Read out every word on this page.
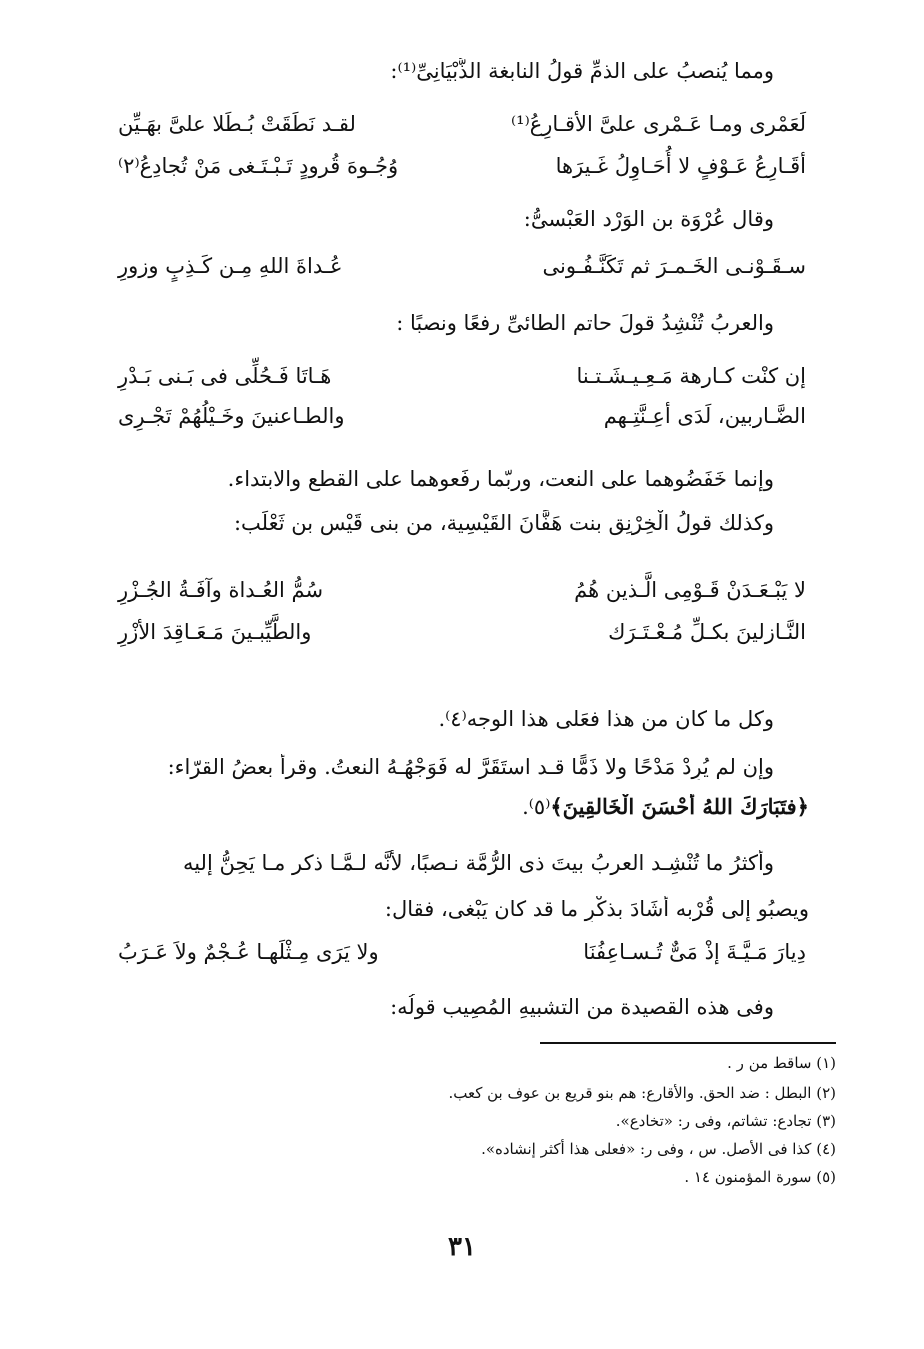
ومما يُنصبُ على الذمِّ قولُ النابغة الذُّبْيَانِىِّ⁽¹⁾:
لَعَمْرى ومـا عَـمْرى علىَّ الأقـارِعُ⁽¹⁾
لقـد نَطَقَتْ بُـطَلا علىَّ بهَـيِّن
أقَـارِعُ عَـوْفٍ لا أُحَـاوِلُ غَـيرَها
وُجُـوهَ قُرودٍ تَـبْـتَـغى مَنْ تُجادِعُ⁽٢⁾
وقال عُرْوَة بن الوَرْد العَبْسىُّ:
سـقَـوْنـى الخَـمـرَ ثم تَكَنَّـفُـونى
عُـداةَ اللهِ مِـن كَـذِبٍ وزورِ
والعربُ تُنْشِدُ قولَ حاتمِ الطائىِّ رفعًا ونصبًا :
إن كنْت كـارهة مَـعِـيـشَـتـنا
هَـاتَا فَـحُلِّى فى بَـنى بَـدْرِ
الضَّـاربين، لَدَى أعِـنَّتِـهم
والطـاعنينَ وخَـيْلُهُمْ تَجْـرِى
وإنما خَفَضُوهما على النعت، وربّما رفَعوهما على القطع والابتداء.
وكذلك قولُ الْخِرْنِقِ بنت هَفَّانَ القَيْسِية، من بنى قَيْس بن ثَعْلَب:
لا يَبْـعَـدَنْ قَـوْمِى الَّـذين هُمُ
سُمُّ العُـداة وآفَـةُ الجُـزْرِ
النَّـازلينَ بكـلِّ مُـعْـتَـرَك
والطَّيِّبـينَ مَـعَـاقِدَ الأزْرِ
وكل ما كان من هذا فعَلى هذا الوجه⁽٤⁾.
وإن لم يُرِدْ مَدْحًا ولا ذَمًّا قـد استَقَرَّ له فَوَجْهُـهُ النعتُ. وقرأَ بعضُ القرّاء:
﴿فتَبَارَكَ اللهُ أَحْسَنَ الْخَالقِينَ﴾⁽٥⁾.
وأكثرُ ما تُنْشِـد العربُ بيتَ ذى الرُّمَّة نـصبًا، لأنَّه لـمَّـا ذكر مـا يَحِنُّ إليه
ويصبُو إلى قُرْبه أَشَادَ بذكْرِ ما قد كان يَبْغى، فقال:
دِيارَ مَـيَّـةَ إذْ مَىٌّ تُـسـاعِفُنَا
ولا يَرَى مِـثْلَهـا عُـجْمٌ ولاَ عَـرَبُ
وفى هذه القصيدة من التشبيهِ المُصِيب قولُه:
(١) ساقط من ر .
(٢) البطل : ضد الحق. والأقارع: هم بنو قريع بن عوف بن كعب.
(٣) تجادع: تشاتم، وفى ر: «تخادع».
(٤) كذا فى الأصل. س ، وفى ر: «فعلى هذا أكثر إنشاده».
(٥) سورة المؤمنون ١٤ .
٣١
